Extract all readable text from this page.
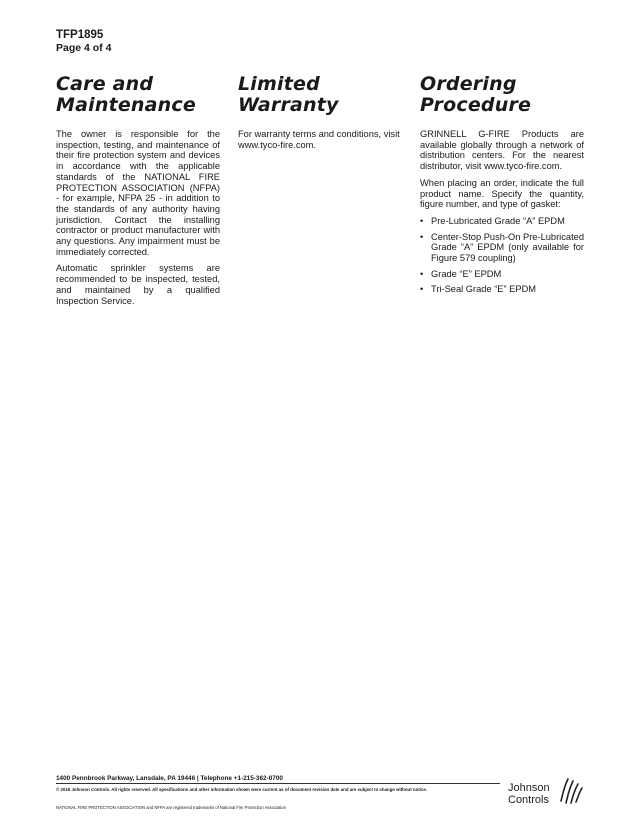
TFP1895
Page 4 of 4
Care and
Maintenance

The owner is responsible for the inspection, testing, and maintenance of their fire protection system and devices in accordance with the applicable standards of the NATIONAL FIRE PROTECTION ASSOCIATION (NFPA) - for example, NFPA 25 - in addition to the standards of any authority having jurisdiction. Contact the installing contractor or product manufacturer with any questions. Any impairment must be immediately corrected.

Automatic sprinkler systems are recommended to be inspected, tested, and maintained by a qualified Inspection Service.

Limited
Warranty

For warranty terms and conditions, visit www.tyco-fire.com.

Ordering
Procedure

GRINNELL G-FIRE Products are available globally through a network of distribution centers. For the nearest distributor, visit www.tyco-fire.com.

When placing an order, indicate the full product name. Specify the quantity, figure number, and type of gasket:

• Pre-Lubricated Grade “A” EPDM
• Center-Stop Push-On Pre-Lubricated Grade “A” EPDM (only available for Figure 579 coupling)
• Grade “E” EPDM
• Tri-Seal Grade “E” EPDM
1400 Pennbrook Parkway, Lansdale, PA 19446 | Telephone +1-215-362-0700
© 2018 Johnson Controls. All rights reserved. All specifications and other information shown were current as of document revision date and are subject to change without notice.
NATIONAL FIRE PROTECTION ASSOCIATION and NFPA are registered trademarks of National Fire Protection Association
Johnson
Controls
